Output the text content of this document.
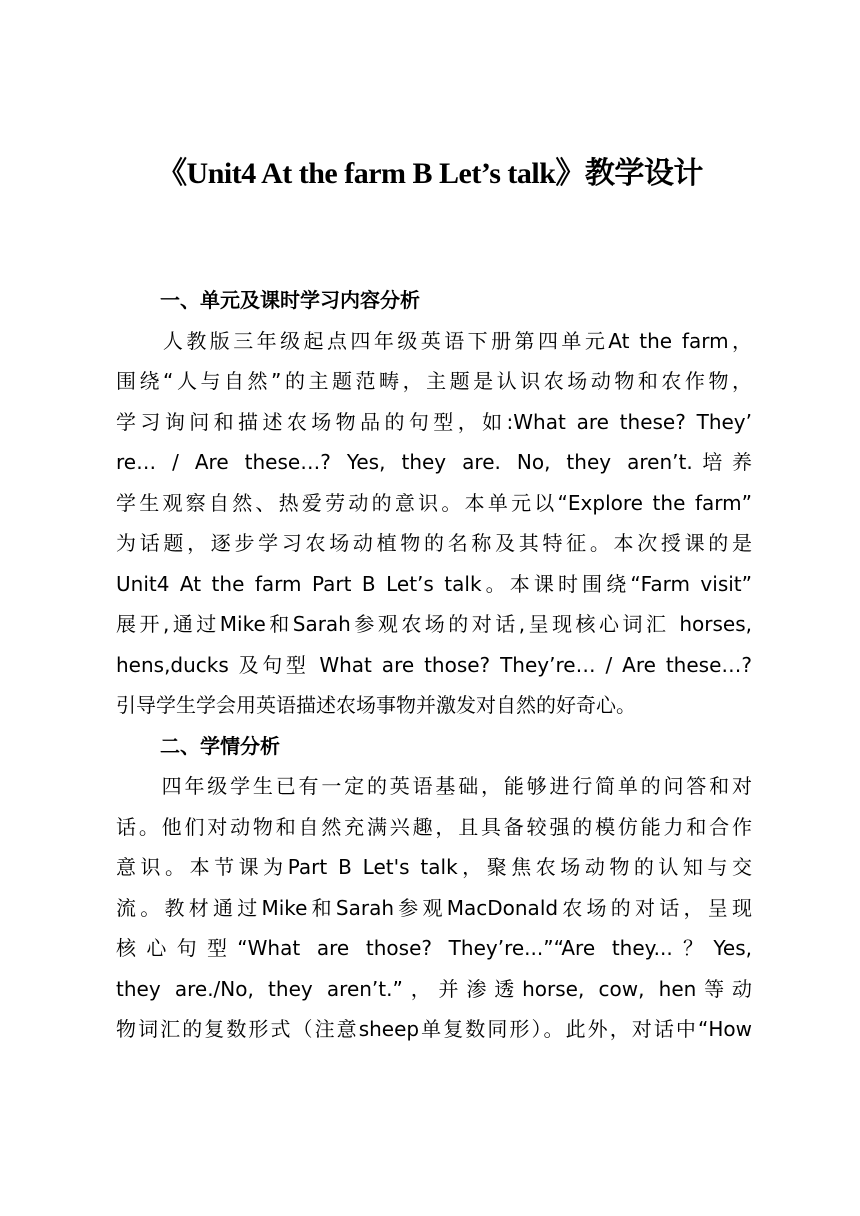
《Unit4 At the farm B Let’s talk》教学设计
一、单元及课时学习内容分析
　　人教版三年级起点四年级英语下册第四单元At the farm，
围绕“人与自然”的主题范畴，主题是认识农场动物和农作物，
学习询问和描述农场物品的句型，如:What are these? They’
re… / Are these…? Yes, they are. No, they aren’t.培养
学生观察自然、热爱劳动的意识。本单元以“Explore the farm”
为话题，逐步学习农场动植物的名称及其特征。本次授课的是
Unit4 At the farm Part B Let’s talk。本课时围绕“Farm visit”
展开,通过Mike和Sarah参观农场的对话,呈现核心词汇 horses,
hens,ducks 及句型 What are those? They’re… / Are these…?
引导学生学会用英语描述农场事物并激发对自然的好奇心。
二、学情分析
　　四年级学生已有一定的英语基础，能够进行简单的问答和对
话。他们对动物和自然充满兴趣，且具备较强的模仿能力和合作
意识。本节课为Part B Let's talk，聚焦农场动物的认知与交
流。教材通过Mike和Sarah参观MacDonald农场的对话，呈现
核心句型“What are those? They’re...”“Are they...？Yes,
they are./No, they aren’t.”，并渗透horse, cow, hen等动
物词汇的复数形式（注意sheep单复数同形）。此外，对话中“How
